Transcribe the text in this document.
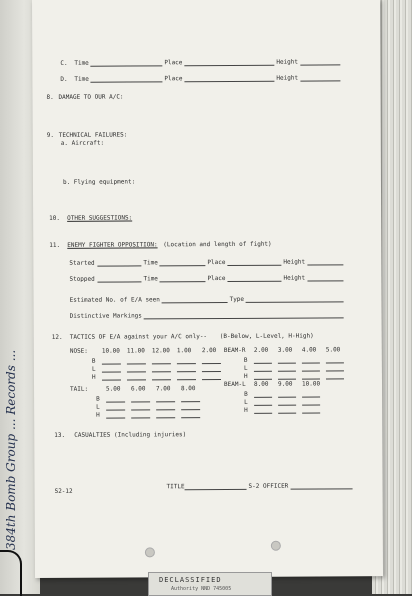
384th Bomb Group ... Records ...
C. Time	Place	Height
D. Time	Place	Height
8. DAMAGE TO OUR A/C:
9. TECHNICAL FAILURES:
a. Aircraft:
b. Flying equipment:
10. OTHER SUGGESTIONS:
11. ENEMY FIGHTER OPPOSITION: (Location and length of fight)
Started	Time	Place	Height
Stopped	Time	Place	Height
Estimated No. of E/A seen	Type
Distinctive Markings
12. TACTICS OF E/A against your A/C only-- (B-Below, L-Level, H-High)
NOSE: 10.00 11.00 12.00 1.00 2.00
B
L
H
BEAM-R 2.00 3.00 4.00 5.00
B
L
H
TAIL:	5.00 6.00 7.00 8.00
B
L
H
BEAM-L 8.00 9.00 10.00
B
L
H
13. CASUALTIES (Including injuries)
S2-12
TITLE	S-2 OFFICER
DECLASSIFIED
Authority NND 745005
